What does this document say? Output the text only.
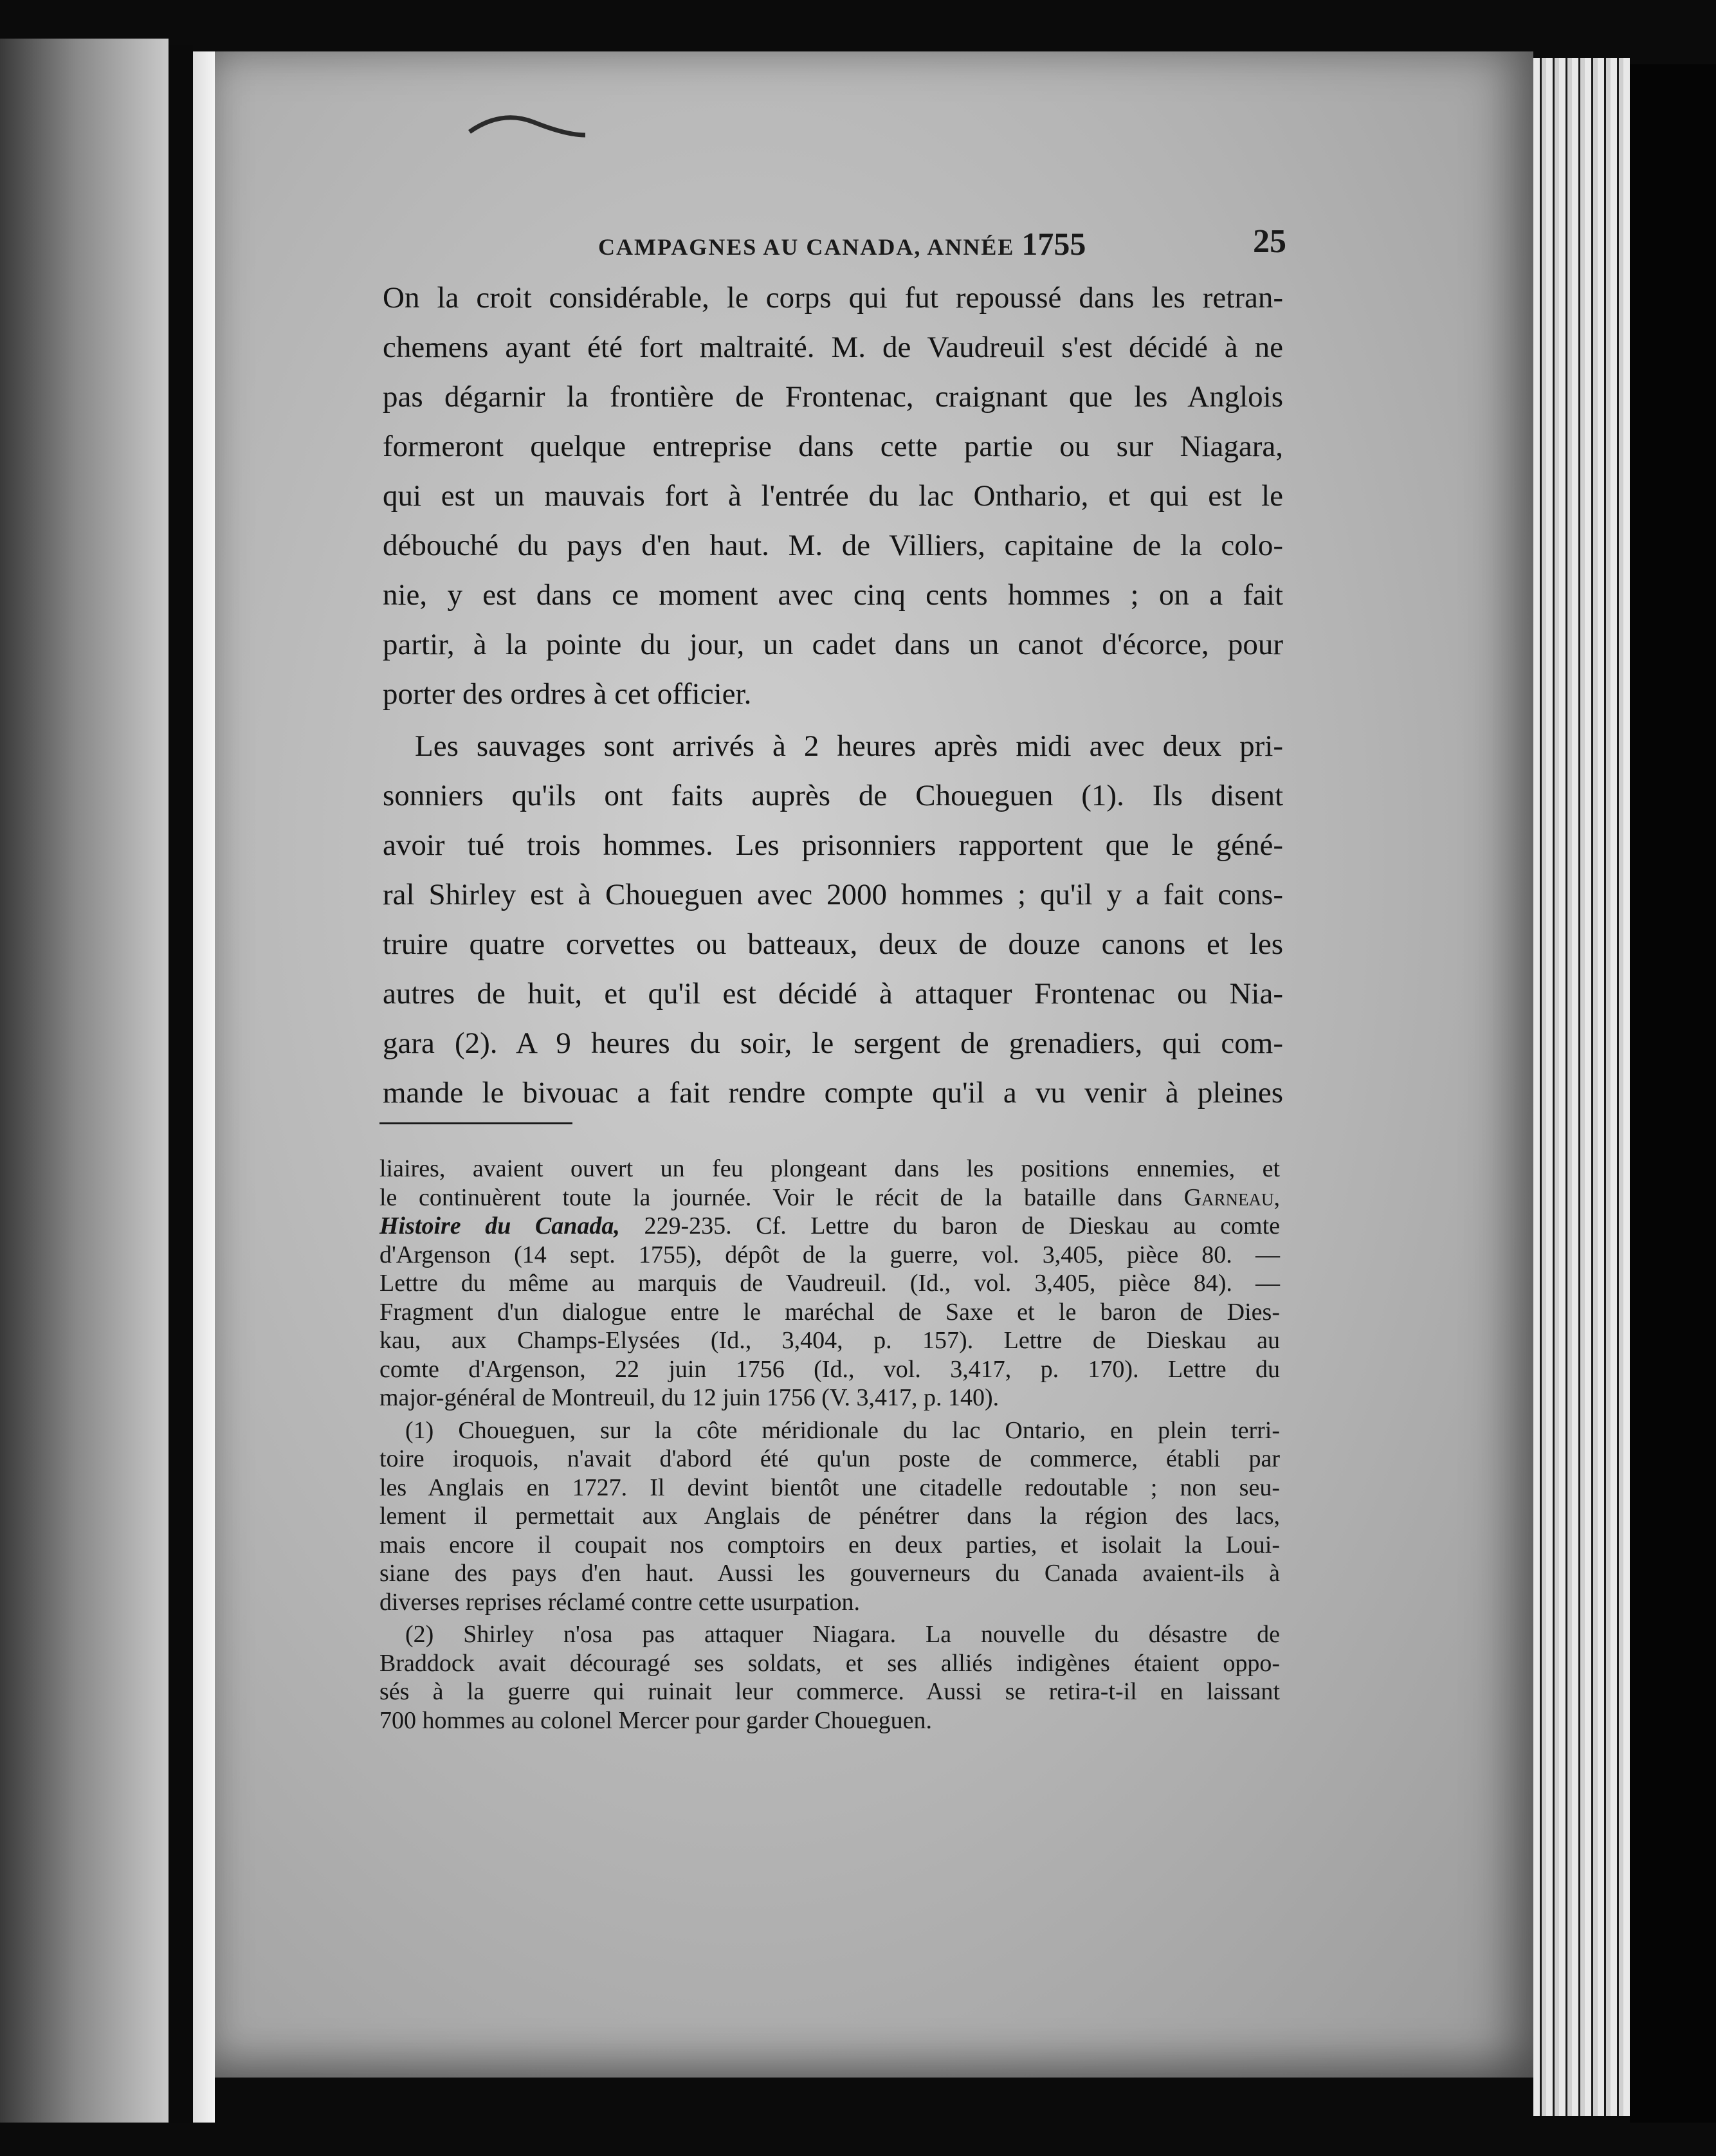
CAMPAGNES AU CANADA, ANNÉE 1755	25
On la croit considérable, le corps qui fut repoussé dans les retran-
chemens ayant été fort maltraité. M. de Vaudreuil s'est décidé à ne
pas dégarnir la frontière de Frontenac, craignant que les Anglois
formeront quelque entreprise dans cette partie ou sur Niagara,
qui est un mauvais fort à l'entrée du lac Onthario, et qui est le
débouché du pays d'en haut. M. de Villiers, capitaine de la colo-
nie, y est dans ce moment avec cinq cents hommes ; on a fait
partir, à la pointe du jour, un cadet dans un canot d'écorce, pour
porter des ordres à cet officier.
Les sauvages sont arrivés à 2 heures après midi avec deux pri-
sonniers qu'ils ont faits auprès de Choueguen (1). Ils disent
avoir tué trois hommes. Les prisonniers rapportent que le géné-
ral Shirley est à Choueguen avec 2000 hommes ; qu'il y a fait cons-
truire quatre corvettes ou batteaux, deux de douze canons et les
autres de huit, et qu'il est décidé à attaquer Frontenac ou Nia-
gara (2). A 9 heures du soir, le sergent de grenadiers, qui com-
mande le bivouac a fait rendre compte qu'il a vu venir à pleines
liaires, avaient ouvert un feu plongeant dans les positions ennemies, et
le continuèrent toute la journée. Voir le récit de la bataille dans Garneau,
Histoire du Canada, 229-235. Cf. Lettre du baron de Dieskau au comte
d'Argenson (14 sept. 1755), dépôt de la guerre, vol. 3,405, pièce 80. —
Lettre du même au marquis de Vaudreuil. (Id., vol. 3,405, pièce 84). —
Fragment d'un dialogue entre le maréchal de Saxe et le baron de Dies-
kau, aux Champs-Elysées (Id., 3,404, p. 157). Lettre de Dieskau au
comte d'Argenson, 22 juin 1756 (Id., vol. 3,417, p. 170). Lettre du
major-général de Montreuil, du 12 juin 1756 (V. 3,417, p. 140).
(1) Choueguen, sur la côte méridionale du lac Ontario, en plein terri-
toire iroquois, n'avait d'abord été qu'un poste de commerce, établi par
les Anglais en 1727. Il devint bientôt une citadelle redoutable ; non seu-
lement il permettait aux Anglais de pénétrer dans la région des lacs,
mais encore il coupait nos comptoirs en deux parties, et isolait la Loui-
siane des pays d'en haut. Aussi les gouverneurs du Canada avaient-ils à
diverses reprises réclamé contre cette usurpation.
(2) Shirley n'osa pas attaquer Niagara. La nouvelle du désastre de
Braddock avait découragé ses soldats, et ses alliés indigènes étaient oppo-
sés à la guerre qui ruinait leur commerce. Aussi se retira-t-il en laissant
700 hommes au colonel Mercer pour garder Choueguen.
